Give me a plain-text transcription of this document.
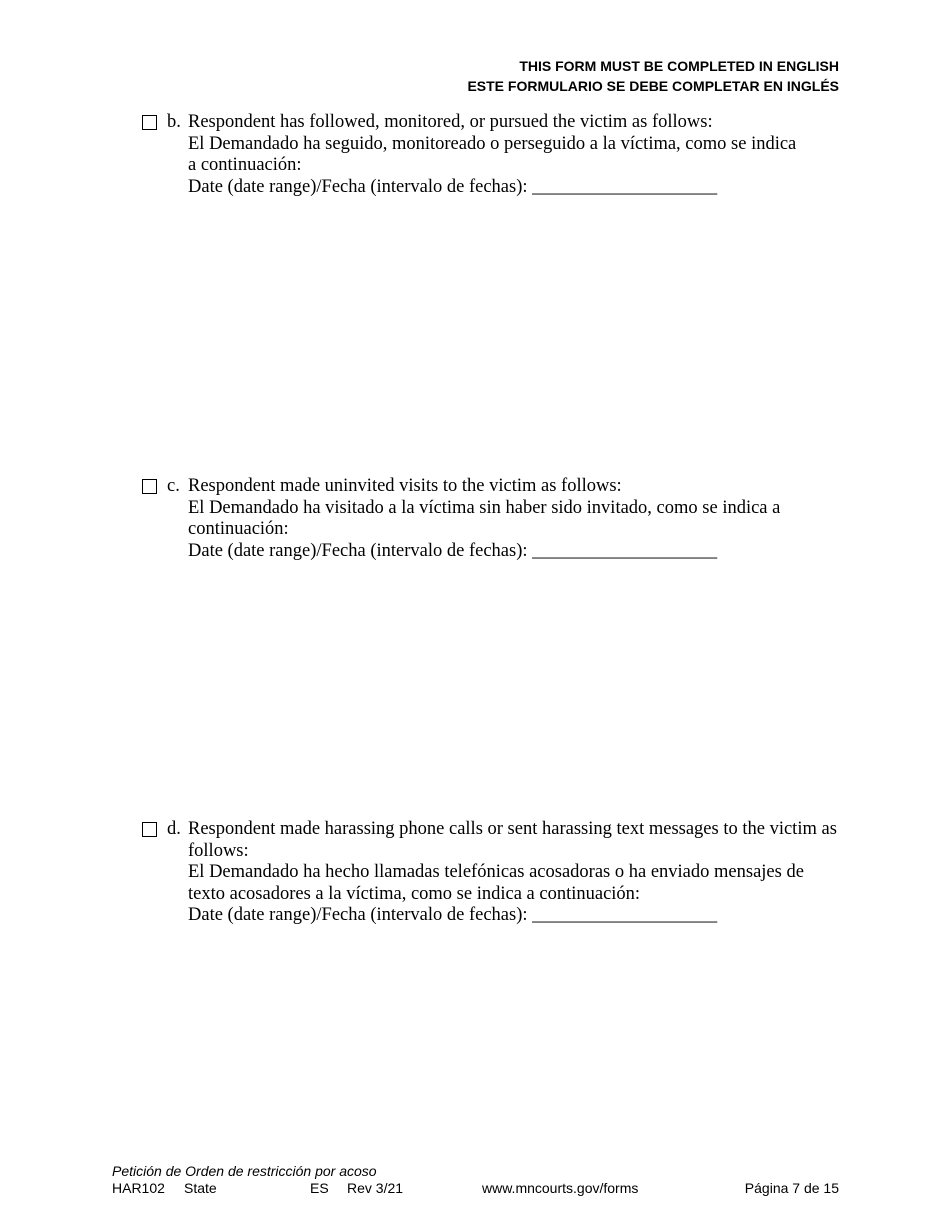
THIS FORM MUST BE COMPLETED IN ENGLISH
ESTE FORMULARIO SE DEBE COMPLETAR EN INGLÉS
b. Respondent has followed, monitored, or pursued the victim as follows:
El Demandado ha seguido, monitoreado o perseguido a la víctima, como se indica
a continuación:
Date (date range)/Fecha (intervalo de fechas): ____________________
c. Respondent made uninvited visits to the victim as follows:
El Demandado ha visitado a la víctima sin haber sido invitado, como se indica a
continuación:
Date (date range)/Fecha (intervalo de fechas): ____________________
d. Respondent made harassing phone calls or sent harassing text messages to the victim as
follows:
El Demandado ha hecho llamadas telefónicas acosadoras o ha enviado mensajes de
texto acosadores a la víctima, como se indica a continuación:
Date (date range)/Fecha (intervalo de fechas): ____________________
Petición de Orden de restricción por acoso
HAR102 State	ES Rev 3/21	www.mncourts.gov/forms	Página 7 de 15
